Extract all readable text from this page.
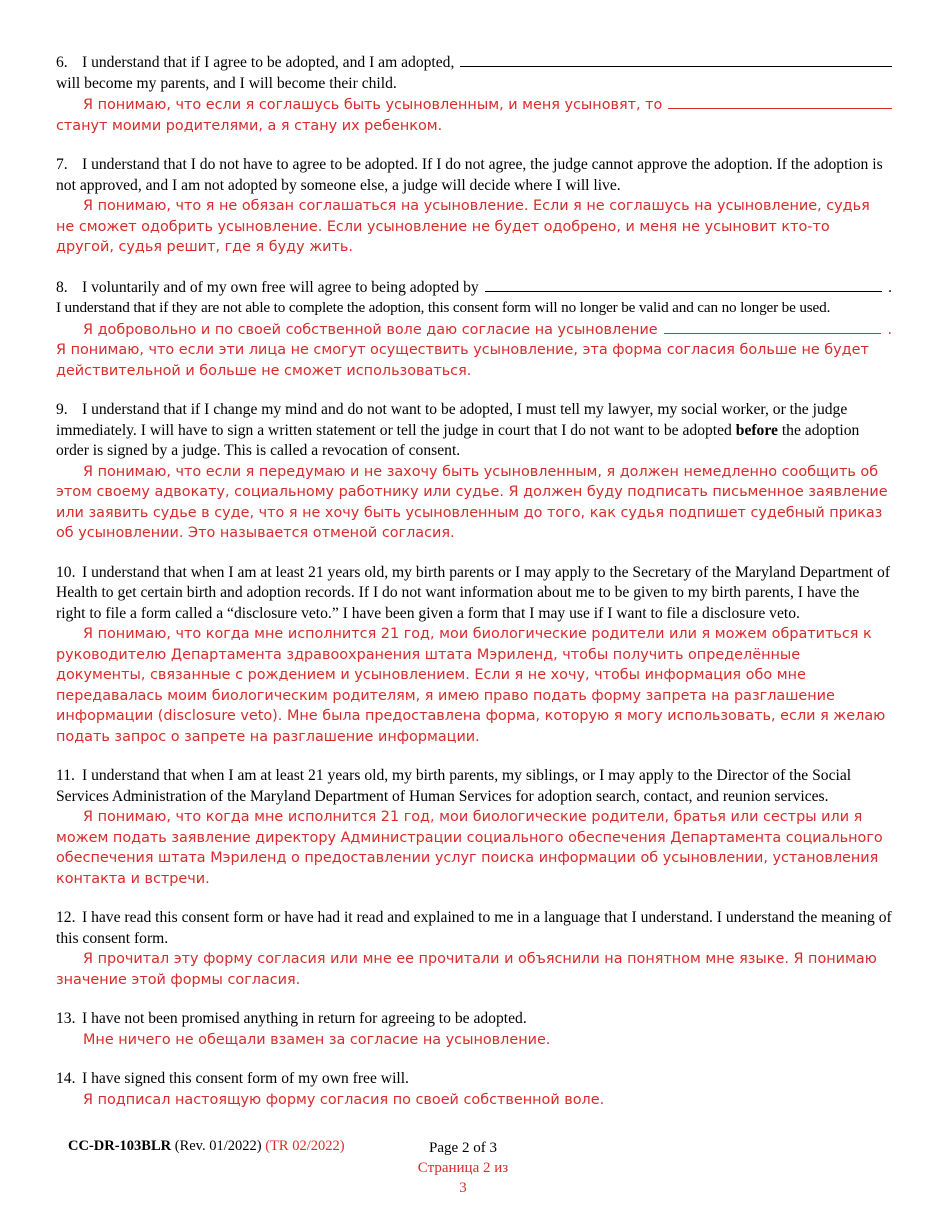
6. I understand that if I agree to be adopted, and I am adopted,

will become my parents, and I will become their child.

Я понимаю, что если я соглашусь быть усыновленным, и меня усыновят, то

станут моими родителями, а я стану их ребенком.

7. I understand that I do not have to agree to be adopted. If I do not agree, the judge cannot approve the adoption. If the adoption is not approved, and I am not adopted by someone else, a judge will decide where I will live.

Я понимаю, что я не обязан соглашаться на усыновление. Если я не соглашусь на усыновление, судья не сможет одобрить усыновление. Если усыновление не будет одобрено, и меня не усыновит кто-то другой, судья решит, где я буду жить.

8. I voluntarily and of my own free will agree to being adopted by	.

I understand that if they are not able to complete the adoption, this consent form will no longer be valid and can no longer be used.

Я добровольно и по своей собственной воле даю согласие на усыновление	.

Я понимаю, что если эти лица не смогут осуществить усыновление, эта форма согласия больше не будет действительной и больше не сможет использоваться.

9. I understand that if I change my mind and do not want to be adopted, I must tell my lawyer, my social worker, or the judge immediately. I will have to sign a written statement or tell the judge in court that I do not want to be adopted before the adoption order is signed by a judge. This is called a revocation of consent.

Я понимаю, что если я передумаю и не захочу быть усыновленным, я должен немедленно сообщить об этом своему адвокату, социальному работнику или судье. Я должен буду подписать письменное заявление или заявить судье в суде, что я не хочу быть усыновленным до того, как судья подпишет судебный приказ об усыновлении. Это называется отменой согласия.

10. I understand that when I am at least 21 years old, my birth parents or I may apply to the Secretary of the Maryland Department of Health to get certain birth and adoption records. If I do not want information about me to be given to my birth parents, I have the right to file a form called a “disclosure veto.” I have been given a form that I may use if I want to file a disclosure veto.

Я понимаю, что когда мне исполнится 21 год, мои биологические родители или я можем обратиться к руководителю Департамента здравоохранения штата Мэриленд, чтобы получить определённые документы, связанные с рождением и усыновлением. Если я не хочу, чтобы информация обо мне передавалась моим биологическим родителям, я имею право подать форму запрета на разглашение информации (disclosure veto). Мне была предоставлена форма, которую я могу использовать, если я желаю подать запрос о запрете на разглашение информации.

11. I understand that when I am at least 21 years old, my birth parents, my siblings, or I may apply to the Director of the Social Services Administration of the Maryland Department of Human Services for adoption search, contact, and reunion services.

Я понимаю, что когда мне исполнится 21 год, мои биологические родители, братья или сестры или я можем подать заявление директору Администрации социального обеспечения Департамента социального обеспечения штата Мэриленд о предоставлении услуг поиска информации об усыновлении, установления контакта и встречи.

12. I have read this consent form or have had it read and explained to me in a language that I understand. I understand the meaning of this consent form.

Я прочитал эту форму согласия или мне ее прочитали и объяснили на понятном мне языке. Я понимаю значение этой формы согласия.

13. I have not been promised anything in return for agreeing to be adopted.

Мне ничего не обещали взамен за согласие на усыновление.

14. I have signed this consent form of my own free will.

Я подписал настоящую форму согласия по своей собственной воле.

CC-DR-103BLR (Rev. 01/2022) (TR 02/2022)	Page 2 of 3
Страница 2 из 3
